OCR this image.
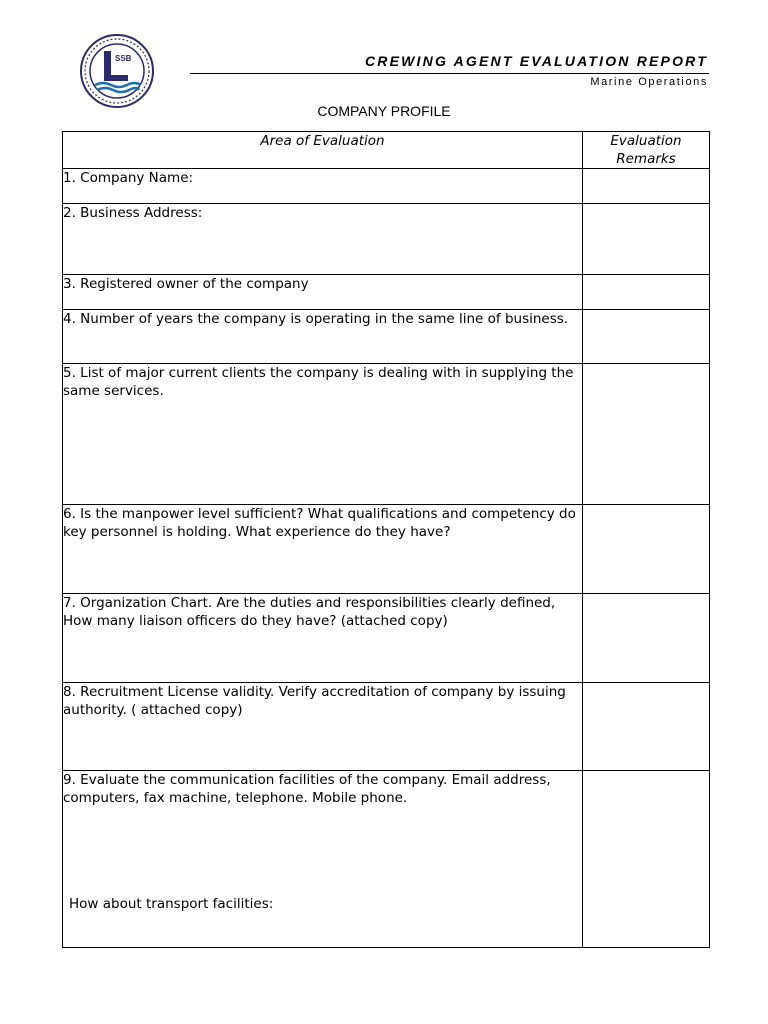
SSB	CREWING AGENT EVALUATION REPORT
Marine Operations
COMPANY PROFILE
Area of Evaluation	Evaluation Remarks
1. Company Name:	
2. Business Address:	
3. Registered owner of the company	
4. Number of years the company is operating in the same line of business.	
5. List of major current clients the company is dealing with in supplying the same services.	
6. Is the manpower level sufficient? What qualifications and competency do key personnel is holding. What experience do they have?	
7. Organization Chart. Are the duties and responsibilities clearly defined, How many liaison officers do they have? (attached copy)	
8. Recruitment License validity. Verify accreditation of company by issuing authority. ( attached copy)	
9. Evaluate the communication facilities of the company. Email address, computers, fax machine, telephone. Mobile phone.
How about transport facilities:	
